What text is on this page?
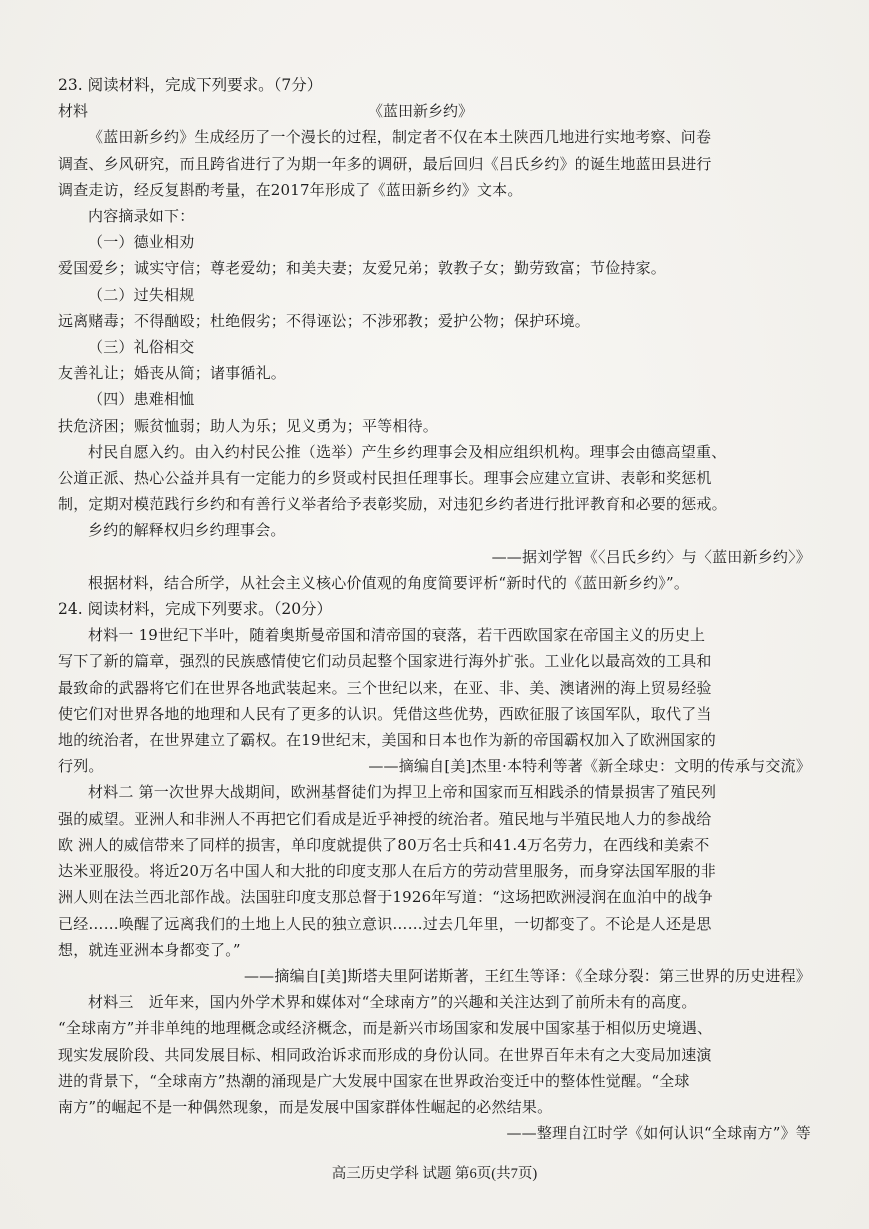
23. 阅读材料，完成下列要求。（7分）
材料	《蓝田新乡约》
《蓝田新乡约》生成经历了一个漫长的过程，制定者不仅在本土陕西几地进行实地考察、问卷
调查、乡风研究，而且跨省进行了为期一年多的调研，最后回归《吕氏乡约》的诞生地蓝田县进行
调查走访，经反复斟酌考量，在2017年形成了《蓝田新乡约》文本。
内容摘录如下：
（一）德业相劝
爱国爱乡；诚实守信；尊老爱幼；和美夫妻；友爱兄弟；敦教子女；勤劳致富；节俭持家。
（二）过失相规
远离赌毒；不得酗殴；杜绝假劣；不得诬讼；不涉邪教；爱护公物；保护环境。
（三）礼俗相交
友善礼让；婚丧从简；诸事循礼。
（四）患难相恤
扶危济困；赈贫恤弱；助人为乐；见义勇为；平等相待。
村民自愿入约。由入约村民公推（选举）产生乡约理事会及相应组织机构。理事会由德高望重、
公道正派、热心公益并具有一定能力的乡贤或村民担任理事长。理事会应建立宣讲、表彰和奖惩机
制，定期对模范践行乡约和有善行义举者给予表彰奖励，对违犯乡约者进行批评教育和必要的惩戒。
乡约的解释权归乡约理事会。
——据刘学智《〈吕氏乡约〉与〈蓝田新乡约〉》
根据材料，结合所学，从社会主义核心价值观的角度简要评析“新时代的《蓝田新乡约》”。
24. 阅读材料，完成下列要求。（20分）
材料一 19世纪下半叶，随着奥斯曼帝国和清帝国的衰落，若干西欧国家在帝国主义的历史上
写下了新的篇章，强烈的民族感情使它们动员起整个国家进行海外扩张。工业化以最高效的工具和
最致命的武器将它们在世界各地武装起来。三个世纪以来，在亚、非、美、澳诸洲的海上贸易经验
使它们对世界各地的地理和人民有了更多的认识。凭借这些优势，西欧征服了该国军队，取代了当
地的统治者，在世界建立了霸权。在19世纪末，美国和日本也作为新的帝国霸权加入了欧洲国家的
行列。	——摘编自[美]杰里·本特利等著《新全球史：文明的传承与交流》
材料二 第一次世界大战期间，欧洲基督徒们为捍卫上帝和国家而互相践杀的情景损害了殖民列
强的威望。亚洲人和非洲人不再把它们看成是近乎神授的统治者。殖民地与半殖民地人力的参战给
欧 洲人的威信带来了同样的损害，单印度就提供了80万名士兵和41.4万名劳力，在西线和美索不
达米亚服役。将近20万名中国人和大批的印度支那人在后方的劳动营里服务，而身穿法国军服的非
洲人则在法兰西北部作战。法国驻印度支那总督于1926年写道：“这场把欧洲浸润在血泊中的战争
已经……唤醒了远离我们的土地上人民的独立意识……过去几年里，一切都变了。不论是人还是思
想，就连亚洲本身都变了。”
——摘编自[美]斯塔夫里阿诺斯著，王红生等译：《全球分裂：第三世界的历史进程》
材料三　近年来，国内外学术界和媒体对“全球南方”的兴趣和关注达到了前所未有的高度。
“全球南方”并非单纯的地理概念或经济概念，而是新兴市场国家和发展中国家基于相似历史境遇、
现实发展阶段、共同发展目标、相同政治诉求而形成的身份认同。在世界百年未有之大变局加速演
进的背景下，“全球南方”热潮的涌现是广大发展中国家在世界政治变迁中的整体性觉醒。“全球
南方”的崛起不是一种偶然现象，而是发展中国家群体性崛起的必然结果。
——整理自江时学《如何认识“全球南方”》等
高三历史学科 试题 第6页(共7页)
